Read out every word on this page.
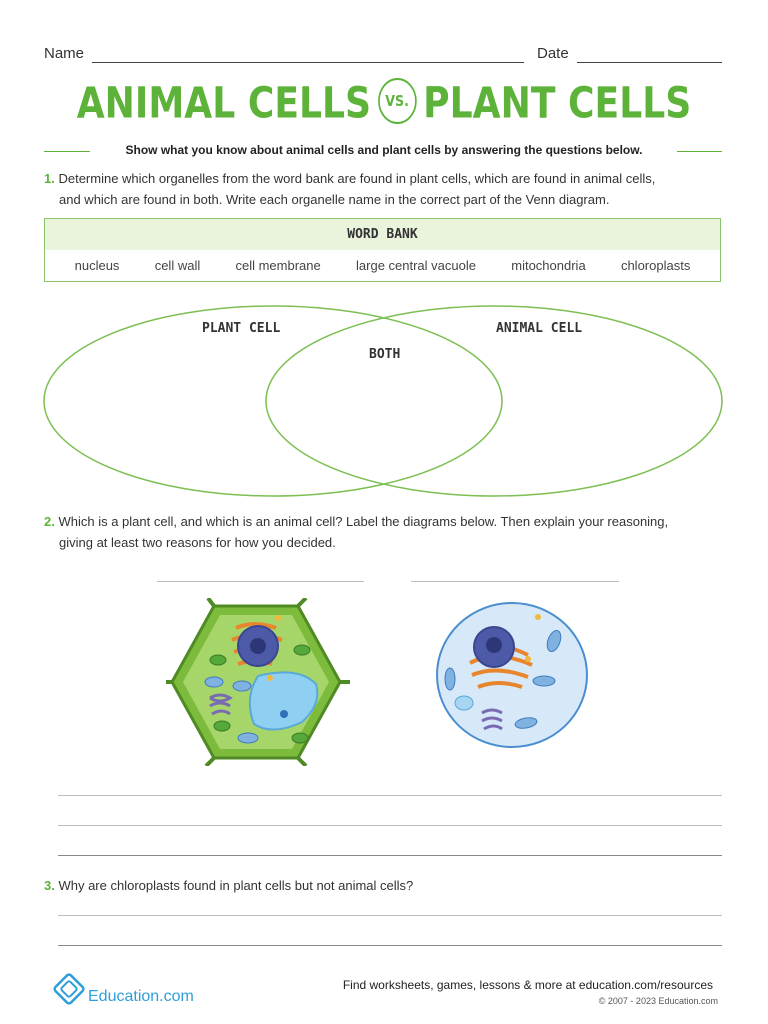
Name	Date
ANIMAL CELLS VS. PLANT CELLS
Show what you know about animal cells and plant cells by answering the questions below.
1. Determine which organelles from the word bank are found in plant cells, which are found in animal cells,
and which are found in both. Write each organelle name in the correct part of the Venn diagram.
WORD BANK
nucleus	cell wall	cell membrane	large central vacuole	mitochondria	chloroplasts
PLANT CELL	ANIMAL CELL
BOTH
2. Which is a plant cell, and which is an animal cell? Label the diagrams below. Then explain your reasoning,
giving at least two reasons for how you decided.
3. Why are chloroplasts found in plant cells but not animal cells?
Education.com
Find worksheets, games, lessons & more at education.com/resources
© 2007 - 2023 Education.com
